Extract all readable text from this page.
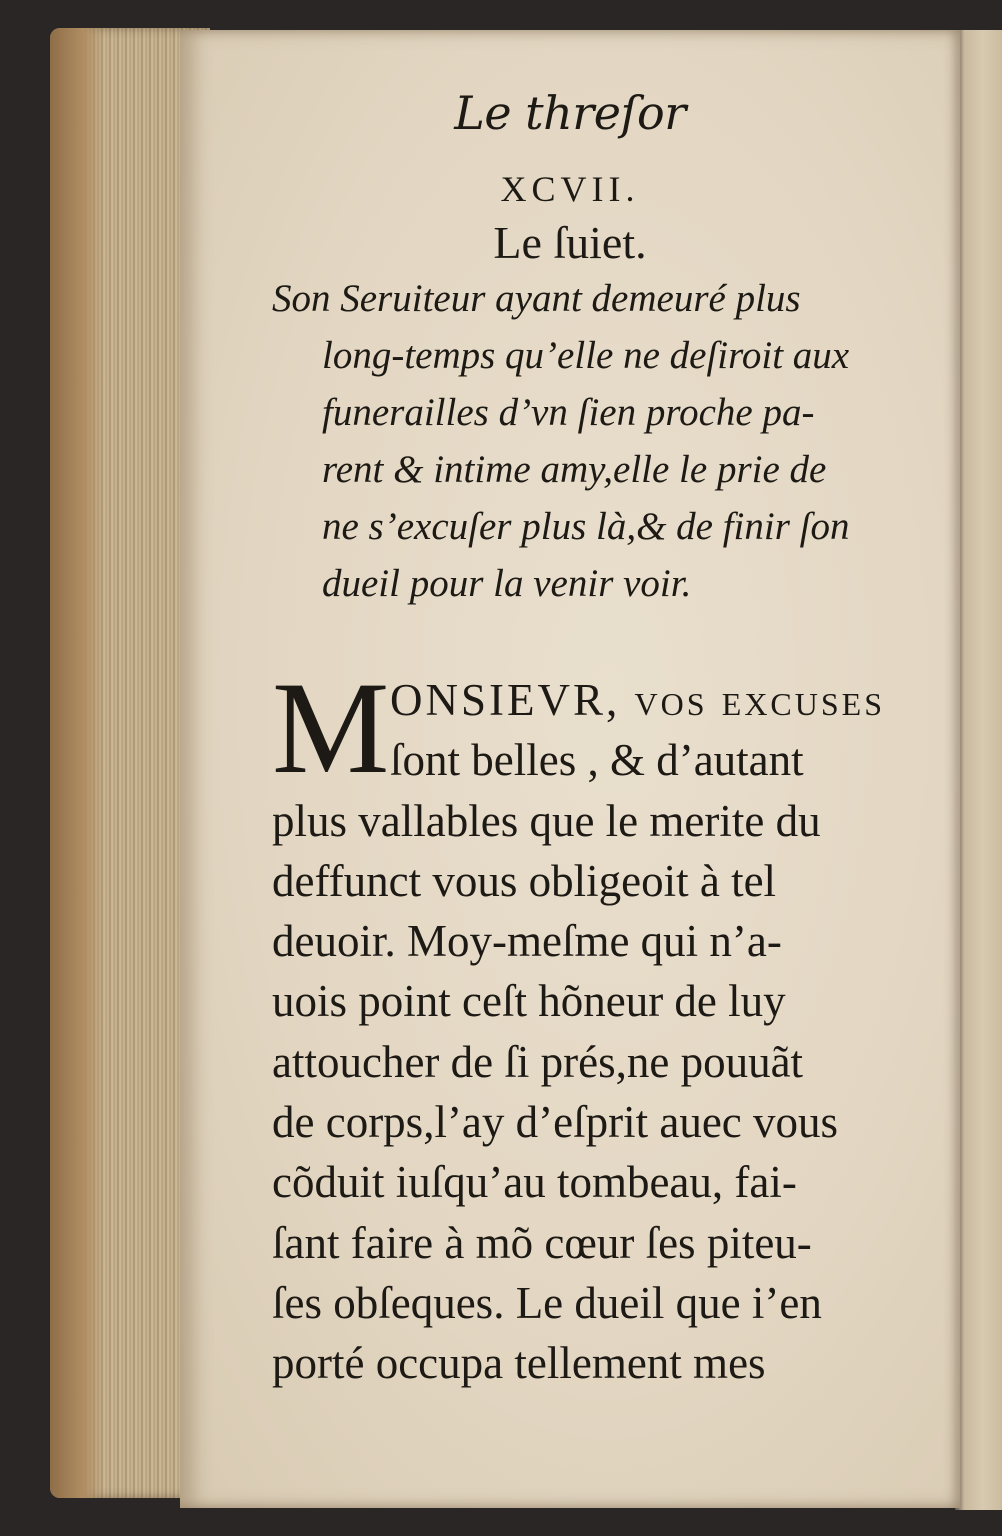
Le threſor
XCVII.
Le ſuiet.
Son Seruiteur ayant demeuré plus
long-temps qu’elle ne deſiroit aux
funerailles d’vn ſien proche pa-
rent & intime amy,elle le prie de
ne s’excuſer plus là,& de finir ſon
dueil pour la venir voir.
M ONSIEVR, vos excuſes
ſont belles , & d’autant
plus vallables que le merite du
deffunct vous obligeoit à tel
deuoir. Moy-meſme qui n’a-
uois point ceſt hõneur de luy
attoucher de ſi prés,ne pouuãt
de corps,l’ay d’eſprit auec vous
cõduit iuſqu’au tombeau, fai-
ſant faire à mõ cœur ſes piteu-
ſes obſeques. Le dueil que i’en
porté occupa tellement mes
